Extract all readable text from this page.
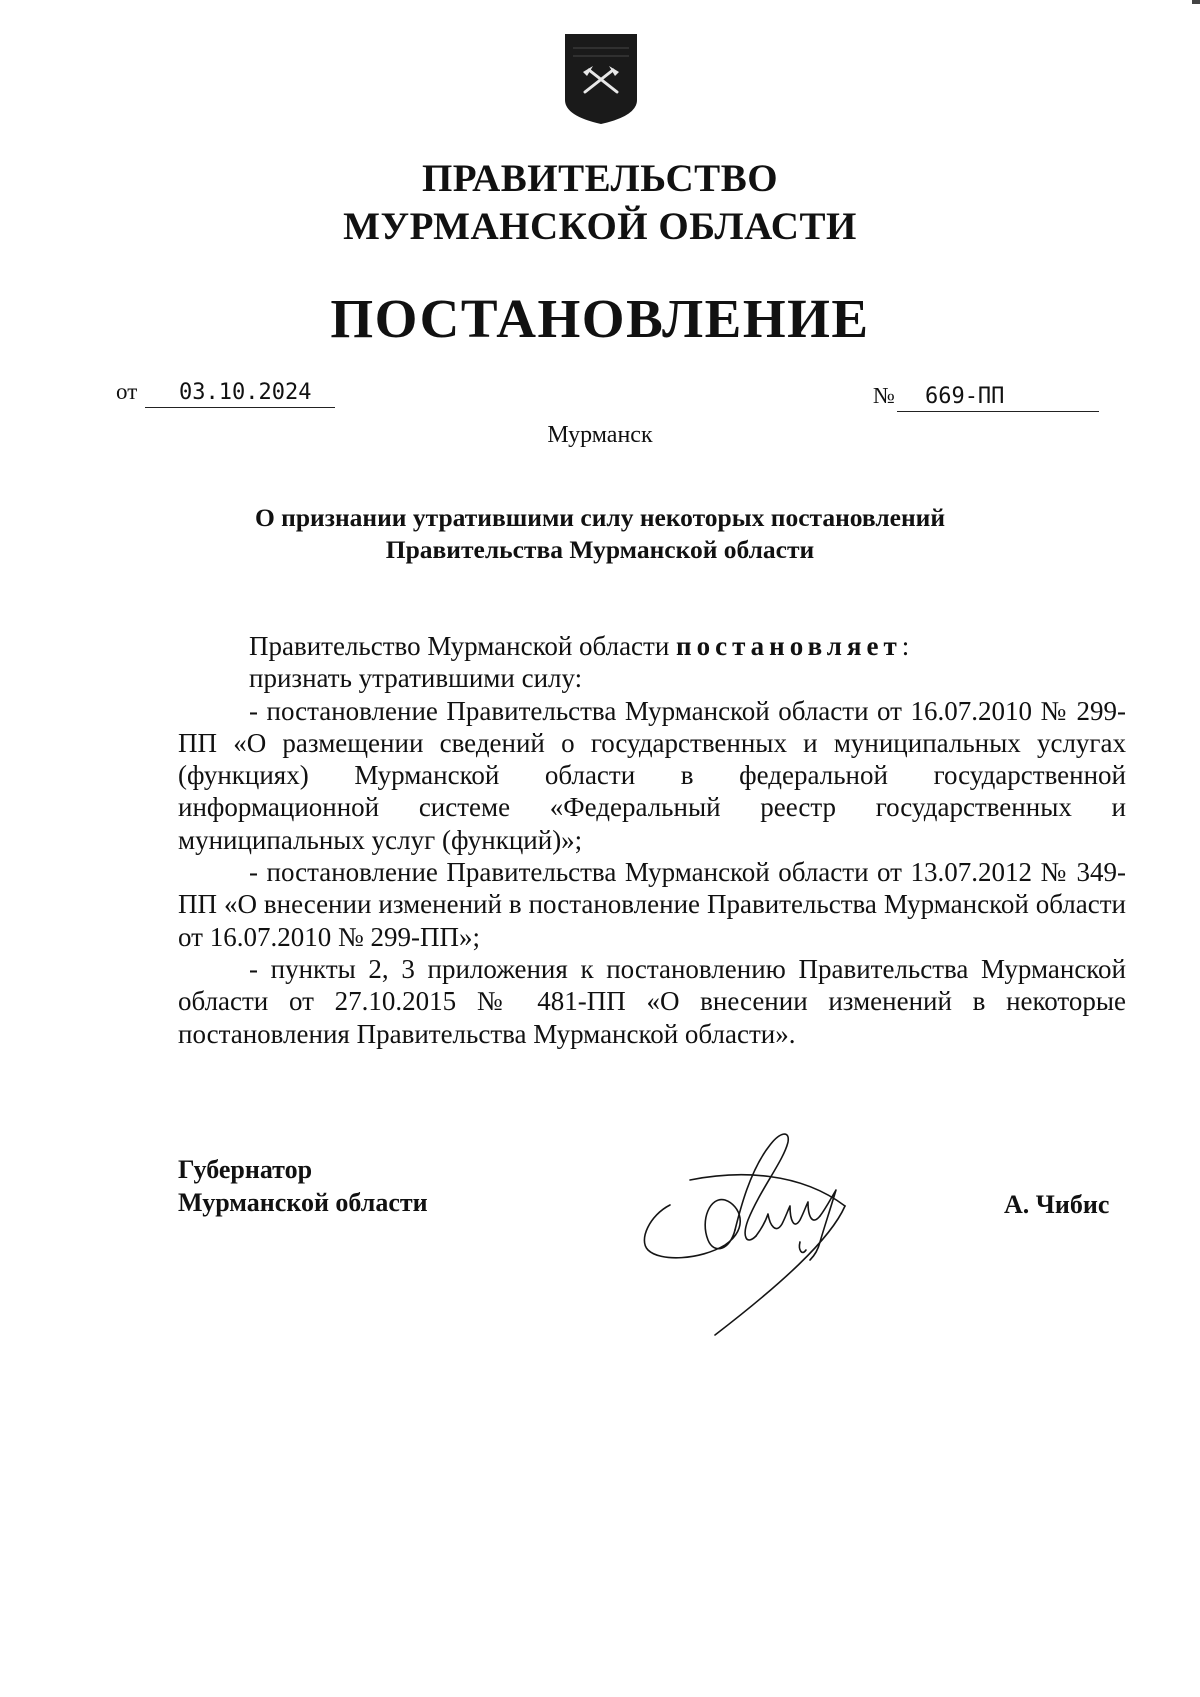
ПРАВИТЕЛЬСТВО
МУРМАНСКОЙ ОБЛАСТИ
ПОСТАНОВЛЕНИЕ
от 03.10.2024	№ 669-ПП
Мурманск
О признании утратившими силу некоторых постановлений
Правительства Мурманской области

Правительство Мурманской области постановляет:

признать утратившими силу:

- постановление Правительства Мурманской области от 16.07.2010 № 299-ПП «О размещении сведений о государственных и муниципальных услугах (функциях) Мурманской области в федеральной государственной информационной системе «Федеральный реестр государственных и муниципальных услуг (функций)»;

- постановление Правительства Мурманской области от 13.07.2012 № 349-ПП «О внесении изменений в постановление Правительства Мурманской области от 16.07.2010 № 299-ПП»;

- пункты 2, 3 приложения к постановлению Правительства Мурманской области от 27.10.2015 № 481-ПП «О внесении изменений в некоторые постановления Правительства Мурманской области».

Губернатор
Мурманской области	А. Чибис
